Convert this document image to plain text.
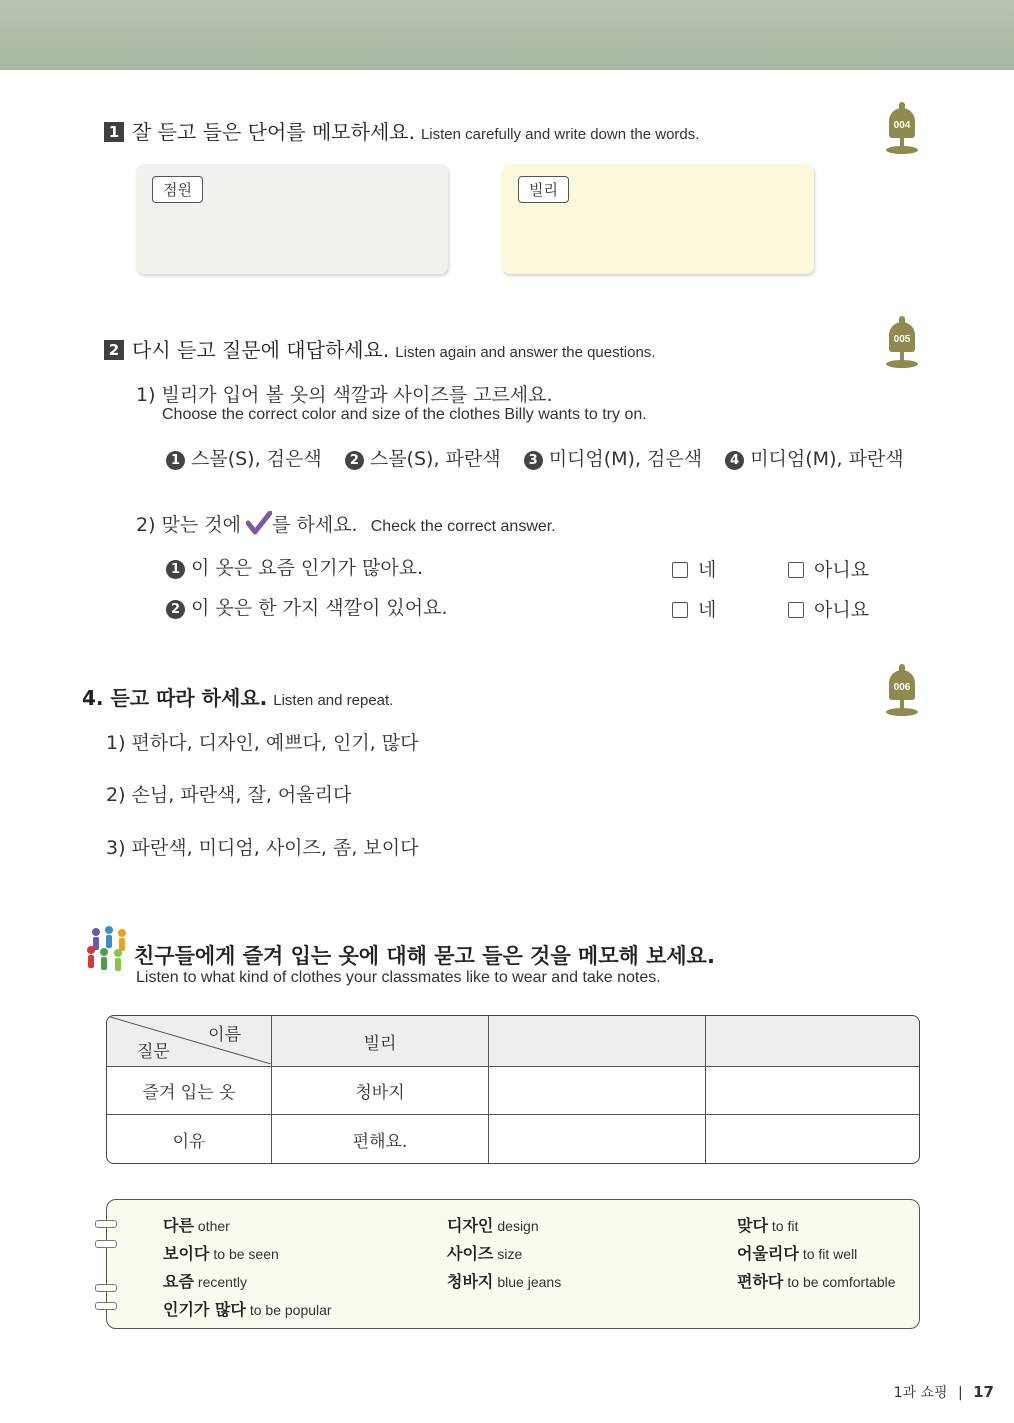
1 잘 듣고 들은 단어를 메모하세요. Listen carefully and write down the words.
004
점원	빌리
2 다시 듣고 질문에 대답하세요. Listen again and answer the questions.
005
1) 빌리가 입어 볼 옷의 색깔과 사이즈를 고르세요.
Choose the correct color and size of the clothes Billy wants to try on.
1 스몰(S), 검은색 2 스몰(S), 파란색 3 미디엄(M), 검은색 4 미디엄(M), 파란색
2) 맞는 것에 를 하세요. Check the correct answer.
1 이 옷은 요즘 인기가 많아요.	네	아니요
2 이 옷은 한 가지 색깔이 있어요.	네	아니요
4. 듣고 따라 하세요. Listen and repeat.
006
1) 편하다, 디자인, 예쁘다, 인기, 많다
2) 손님, 파란색, 잘, 어울리다
3) 파란색, 미디엄, 사이즈, 좀, 보이다
친구들에게 즐겨 입는 옷에 대해 묻고 들은 것을 메모해 보세요.
Listen to what kind of clothes your classmates like to wear and take notes.
이름
질문	빌리		
즐겨 입는 옷	청바지		
이유	편해요.		
다른 other
보이다 to be seen
요즘 recently
인기가 많다 to be popular
디자인 design
사이즈 size
청바지 blue jeans
맞다 to fit
어울리다 to fit well
편하다 to be comfortable
1과 쇼핑 | 17
